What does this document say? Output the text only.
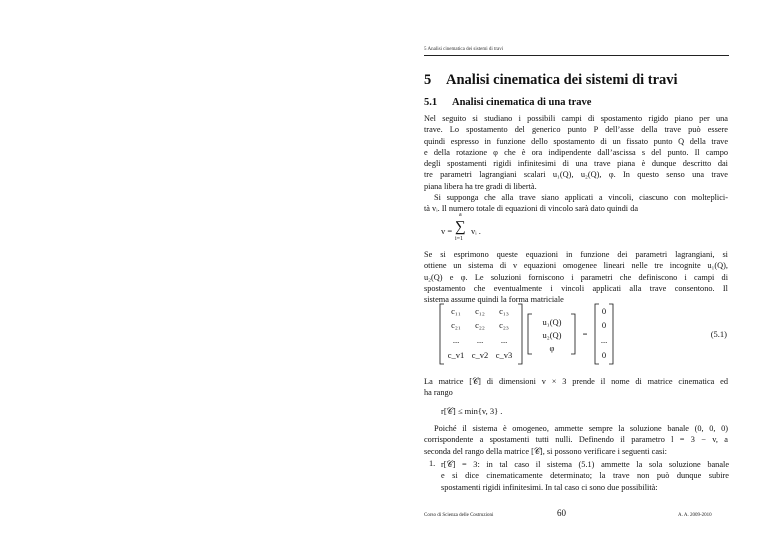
5 Analisi cinematica dei sistemi di travi
5 Analisi cinematica dei sistemi di travi
5.1 Analisi cinematica di una trave
Nel seguito si studiano i possibili campi di spostamento rigido piano per una
trave. Lo spostamento del generico punto P dell’asse della trave può essere
quindi espresso in funzione dello spostamento di un fissato punto Q della trave
e della rotazione φ che è ora indipendente dall’ascissa s del punto. Il campo
degli spostamenti rigidi infinitesimi di una trave piana è dunque descritto dai
tre parametri lagrangiani scalari u₁(Q), u₂(Q), φ. In questo senso una trave
piana libera ha tre gradi di libertà.
Si supponga che alla trave siano applicati a vincoli, ciascuno con molteplici-
tà vᵢ. Il numero totale di equazioni di vincolo sarà dato quindi da
v =
a
∑
i=1
vᵢ .
Se si esprimono queste equazioni in funzione dei parametri lagrangiani, si
ottiene un sistema di v equazioni omogenee lineari nelle tre incognite u₁(Q),
u₂(Q) e φ. Le soluzioni forniscono i parametri che definiscono i campi di
spostamento che eventualmente i vincoli applicati alla trave consentono. Il
sistema assume quindi la forma matriciale
c₁₁ c₁₂ c₁₃
c₂₁ c₂₂ c₂₃
... ... ...
c_v1 c_v2 c_v3
u₁(Q)
u₂(Q)
φ
=
0
0
...
0
(5.1)
La matrice [𝒞] di dimensioni v × 3 prende il nome di matrice cinematica ed
ha rango
r[𝒞] ≤ min{v, 3} .
Poiché il sistema è omogeneo, ammette sempre la soluzione banale (0, 0, 0)
corrispondente a spostamenti tutti nulli. Definendo il parametro l = 3 − v, a
seconda del rango della matrice [𝒞], si possono verificare i seguenti casi:
1. r[𝒞] = 3: in tal caso il sistema (5.1) ammette la sola soluzione banale
e si dice cinematicamente determinato; la trave non può dunque subire
spostamenti rigidi infinitesimi. In tal caso ci sono due possibilità:
Corso di Scienza delle Costruzioni	60	A. A. 2009-2010
